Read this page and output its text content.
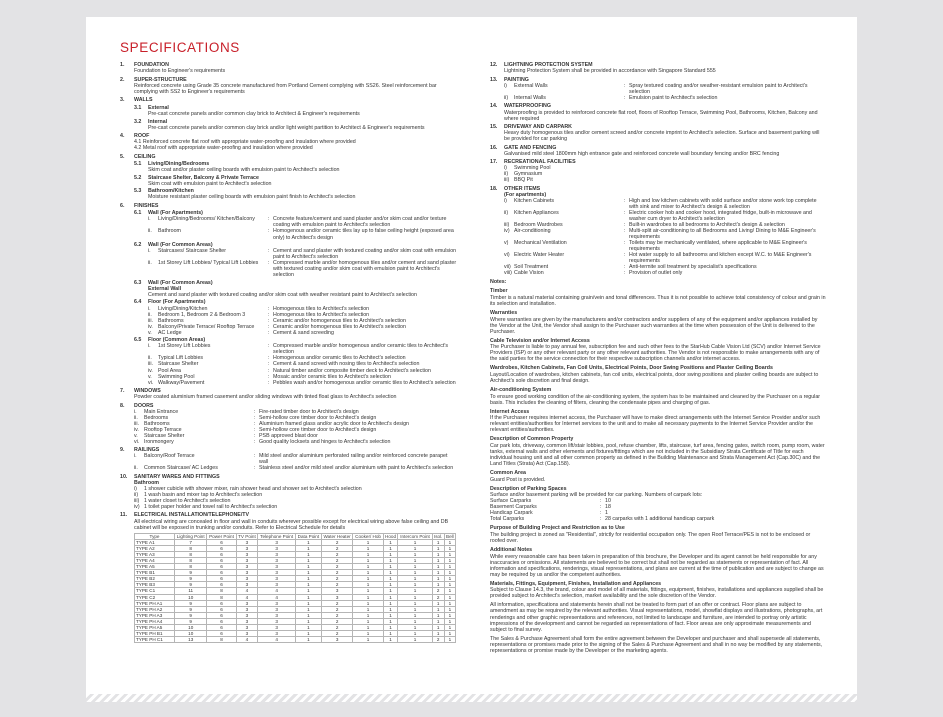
SPECIFICATIONS
1.	FOUNDATION
Foundation to Engineer's requirements
2.	SUPER-STRUCTURE
Reinforced concrete using Grade 35 concrete manufactured from Portland Cement complying with SS26. Steel reinforcement bar complying with SS2 to Engineer's requirements
3.	WALLS
3.1	External
Pre-cast concrete panels and/or common clay brick to Architect & Engineer's requirements
3.2	Internal
Pre-cast concrete panels and/or common clay brick and/or light weight partition to Architect & Engineer's requirements
4.	ROOF
4.1 Reinforced concrete flat roof with appropriate water-proofing and insulation where provided
4.2 Metal roof with appropriate water-proofing and insulation where provided
5.	CEILING
5.1	Living/Dining/Bedrooms
Skim coat and/or plaster ceiling boards with emulsion paint to Architect's selection
5.2	Staircase Shelter, Balcony & Private Terrace
Skim coat with emulsion paint to Architect's selection
5.3	Bathroom/Kitchen
Moisture resistant plaster ceiling boards with emulsion paint finish to Architect's selection
6.	FINISHES
6.1	Wall (For Apartments)
i.	Living/Dining/Bedrooms/ Kitchen/Balcony	: Concrete feature/cement and sand plaster and/or skim coat and/or texture coating with emulsion paint to Architect's selection
ii.	Bathroom	: Homogenous and/or ceramic tiles lay up to false ceiling height (exposed area only) to Architect's design
6.2	Wall (For Common Areas)
i.	Staircases/ Staircase Shelter	: Cement and sand plaster with textured coating and/or skim coat with emulsion paint to Architect's selection
ii.	1st Storey Lift Lobbies/ Typical Lift Lobbies	: Compressed marble and/or homogenous tiles and/or cement and sand plaster with textured coating and/or skim coat with emulsion paint to Architect's selection
6.3	Wall (For Common Areas)
External Wall
Cement and sand plaster with textured coating and/or skim coat with weather resistant paint to Architect's selection
6.4	Floor (For Apartments)
i.	Living/Dining/Kitchen	: Homogenous tiles to Architect's selection
ii.	Bedroom 1, Bedroom 2 & Bedroom 3	: Homogenous tiles to Architect's selection
iii. Bathrooms	: Ceramic and/or homogenous tiles to Architect's selection
iv. Balcony/Private Terrace/ Rooftop Terrace	: Ceramic and/or homogenous tiles to Architect's selection
v.	AC Ledge	: Cement & sand screeding
6.5	Floor (Common Areas)
i.	1st Storey Lift Lobbies	: Compressed marble and/or homogenous and/or ceramic tiles to Architect's selection
ii.	Typical Lift Lobbies	: Homogenous and/or ceramic tiles to Architect's selection
iii. Staircase Shelter	: Cement & sand screed with nosing tiles to Architect's selection
iv. Pool Area	: Natural timber and/or composite timber deck to Architect's selection
v.	Swimming Pool	: Mosaic and/or ceramic tiles to Architect's selection
vi. Walkway/Pavement	: Pebbles wash and/or homogenous and/or ceramic tiles to Architect's selection
7.	WINDOWS
Powder coated aluminium framed casement and/or sliding windows with tinted float glass to Architect's selection
8.	DOORS
i.	Main Entrance	: Fire-rated timber door to Architect's design
ii.	Bedrooms	: Semi-hollow core timber door to Architect's design
iii. Bathrooms	: Aluminium framed glass and/or acrylic door to Architect's design
iv. Rooftop Terrace	: Semi-hollow core timber door to Architect's design
v.	Staircase Shelter	: PSB approved blast door
vi. Ironmongery	: Good quality locksets and hinges to Architect's selection
9.	RAILINGS
i.	Balcony/Roof Terrace	: Mild steel and/or aluminium perforated railing and/or reinforced concrete parapet wall
ii.	Common Staircase/ AC Ledges	: Stainless steel and/or mild steel and/or aluminium with paint to Architect's selection
10.	SANITARY WARES AND FITTINGS
Bathroom
i)	1 shower cubicle with shower mixer, rain shower head and shower set to Architect's selection
ii)	1 wash basin and mixer tap to Architect's selection
iii) 1 water closet to Architect's selection
iv) 1 toilet paper holder and towel rail to Architect's selection
11.	ELECTRICAL INSTALLATION/TELEPHONE/TV
All electrical wiring are concealed in floor and wall in conduits wherever possible except for electrical wiring above false ceiling and DB cabinet will be exposed in trunking and/or conduits. Refer to Electrical Schedule for details
Type	Lighting Point	Power Point	TV Point	Telephone Point	Data Point	Water Heater	Cooker/ Hob	Hood	Intercom Point	Isol.	Bell
TYPE A1	7	6	3	3	1	2	1	1	1	1	1
TYPE A2	8	6	3	3	1	2	1	1	1	1	1
TYPE A3	8	6	3	3	1	2	1	1	1	1	1
TYPE A4	8	6	3	3	1	2	1	1	1	1	1
TYPE A5	8	6	3	3	1	2	1	1	1	1	1
TYPE B1	9	6	3	3	1	2	1	1	1	1	1
TYPE B2	9	6	3	3	1	2	1	1	1	1	1
TYPE B3	9	6	3	3	1	2	1	1	1	1	1
TYPE C1	11	8	4	4	1	3	1	1	1	2	1
TYPE C2	10	8	4	4	1	3	1	1	1	2	1
TYPE PH A1	9	6	3	3	1	2	1	1	1	1	1
TYPE PH A2	9	6	3	3	1	2	1	1	1	1	1
TYPE PH A3	9	6	3	3	1	2	1	1	1	1	1
TYPE PH A4	9	6	3	3	1	2	1	1	1	1	1
TYPE PH A5	10	6	3	3	1	2	1	1	1	1	1
TYPE PH B1	10	6	3	3	1	2	1	1	1	1	1
TYPE PH C1	13	8	4	4	1	3	1	1	1	2	1
12.	LIGHTNING PROTECTION SYSTEM
Lightning Protection System shall be provided in accordance with Singapore Standard 555
13.	PAINTING
i)	External Walls	: Spray textured coating and/or weather-resistant emulsion paint to Architect's selection
ii)	Internal Walls	: Emulsion paint to Architect's selection
14.	WATERPROOFING
Waterproofing is provided to reinforced concrete flat roof, floors of Rooftop Terrace, Swimming Pool, Bathrooms, Kitchen, Balcony and where required
15.	DRIVEWAY AND CARPARK
Heavy duty homogenous tiles and/or cement screed and/or concrete imprint to Architect's selection. Surface and basement parking will be provided for car parking
16.	GATE AND FENCING
Galvanised mild steel 1800mm high entrance gate and reinforced concrete wall boundary fencing and/or BRC fencing
17.	RECREATIONAL FACILITIES
i)	Swimming Pool
ii)	Gymnasium
iii) BBQ Pit
18.	OTHER ITEMS
(For apartments)
i)	Kitchen Cabinets	: High and low kitchen cabinets with solid surface and/or stone work top complete with sink and mixer to Architect's design & selection
ii)	Kitchen Appliances	: Electric cooker hob and cooker hood, integrated fridge, built-in microwave and washer cum dryer to Architect's selection
iii) Bedroom Wardrobes	: Built-in wardrobes to all bedrooms to Architect's design & selection
iv) Air-conditioning	: Multi-split air-conditioning to all Bedrooms and Living/ Dining to M&E Engineer's requirements
v)	Mechanical Ventilation	: Toilets may be mechanically ventilated, where applicable to M&E Engineer's requirements
vi) Electric Water Heater	: Hot water supply to all bathrooms and kitchen except W.C. to M&E Engineer's requirements
vii) Soil Treatment	: Anti-termite soil treatment by specialist's specifications
viii) Cable Vision	: Provision of outlet only
Notes:
Timber
Timber is a natural material containing grain/vein and tonal differences. Thus it is not possible to achieve total consistency of colour and grain in its selection and installation.
Warranties
Where warranties are given by the manufacturers and/or contractors and/or suppliers of any of the equipment and/or appliances installed by the Vendor at the Unit, the Vendor shall assign to the Purchaser such warranties at the time when possession of the Unit is delivered to the Purchaser.
Cable Television and/or Internet Access
The Purchaser is liable to pay annual fee, subscription fee and such other fees to the StarHub Cable Vision Ltd (SCV) and/or Internet Service Providers (ISP) or any other relevant party or any other relevant authorities. The Vendor is not responsible to make arrangements with any of the said parties for the service connection for their respective subscription channels and/or internet access.
Wardrobes, Kitchen Cabinets, Fan Coil Units, Electrical Points, Door Swing Positions and Plaster Ceiling Boards
Layout/Location of wardrobes, kitchen cabinets, fan coil units, electrical points, door swing positions and plaster ceiling boards are subject to Architect's sole discretion and final design.
Air-conditioning System
To ensure good working condition of the air-conditioning system, the system has to be maintained and cleaned by the Purchaser on a regular basis. This includes the cleaning of filters, cleaning the condensate pipes and charging of gas.
Internet Access
If the Purchaser requires internet access, the Purchaser will have to make direct arrangements with the Internet Service Provider and/or such relevant entities/authorities for Internet services to the unit and to make all necessary payments to the Internet Service Provider and/or the relevant entities/authorities.
Description of Common Property
Car park lots, driveway, common lift/stair lobbies, pool, refuse chamber, lifts, staircase, turf area, fencing gates, switch room, pump room, water tanks, external walls and other elements and fixtures/fittings which are not included in the Subsidiary Strata Certificate of Title for each individual housing unit and all other common property as defined in the Building Maintenance and Strata Management Act (Cap.30C) and the Land Titles (Strata) Act (Cap.158).
Common Area
Guard Post is provided.
Description of Parking Spaces
Surface and/or basement parking will be provided for car parking. Numbers of carpark lots:
Surface Carparks	: 10
Basement Carparks	: 18
Handicap Carpark	: 1
Total Carparks	: 28 carparks with 1 additional handicap carpark
Purpose of Building Project and Restriction as to Use
The building project is zoned as "Residential", strictly for residential occupation only. The open Roof Terrace/PES is not to be enclosed or roofed over.
Additional Notes
While every reasonable care has been taken in preparation of this brochure, the Developer and its agent cannot be held responsible for any inaccuracies or omissions. All statements are believed to be correct but shall not be regarded as statements or representation of fact. All information and specifications, renderings, visual representations, and plans are current at the time of publication and are subject to change as may be required by us and/or the competent authorities.
Materials, Fittings, Equipment, Finishes, Installation and Appliances
Subject to Clause 14.3, the brand, colour and model of all materials, fittings, equipment, finishes, installations and appliances supplied shall be provided subject to Architect's selection, market availability and the sole discretion of the Vendor.
All information, specifications and statements herein shall not be treated to form part of an offer or contract. Floor plans are subject to amendment as may be required by the relevant authorities. Visual representations, model, showflat displays and illustrations, photographs, art renderings and other graphic representations and references, not limited to landscape and furniture, are intended to portray only artistic impressions of the development and cannot be regarded as representations of fact. Floor areas are only approximate measurements and subject to final survey.
The Sales & Purchase Agreement shall form the entire agreement between the Developer and purchaser and shall supersede all statements, representations or promises made prior to the signing of the Sales & Purchase Agreement and shall in no way be modified by any statements, representations or promise made by the Developer or the marketing agents.
